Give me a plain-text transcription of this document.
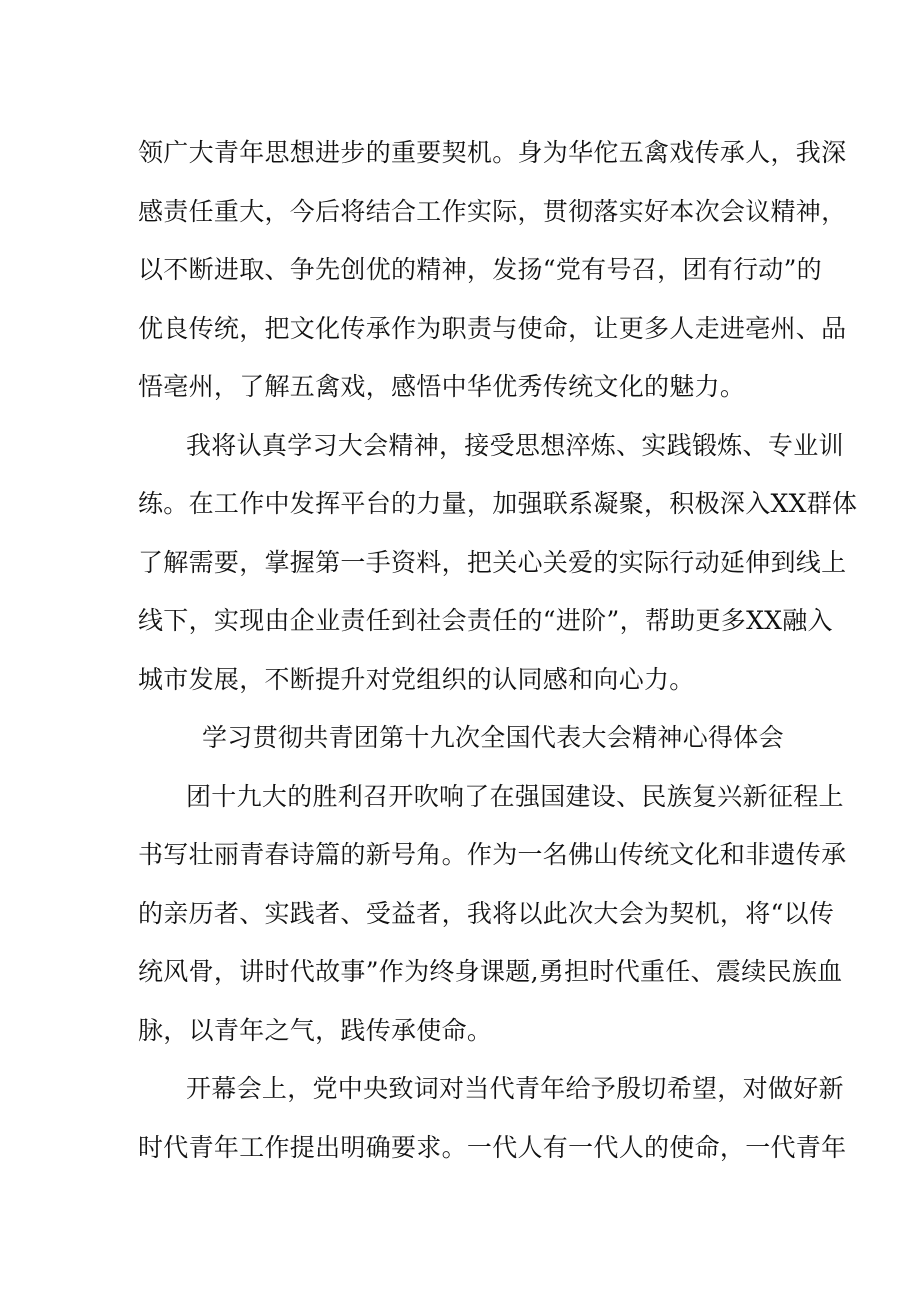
领广大青年思想进步的重要契机。身为华佗五禽戏传承人，我深
感责任重大，今后将结合工作实际，贯彻落实好本次会议精神，
以不断进取、争先创优的精神，发扬“党有号召，团有行动”的
优良传统，把文化传承作为职责与使命，让更多人走进亳州、品
悟亳州，了解五禽戏，感悟中华优秀传统文化的魅力。
我将认真学习大会精神，接受思想淬炼、实践锻炼、专业训
练。在工作中发挥平台的力量，加强联系凝聚，积极深入XX群体
了解需要，掌握第一手资料，把关心关爱的实际行动延伸到线上
线下，实现由企业责任到社会责任的“进阶”，帮助更多XX融入
城市发展，不断提升对党组织的认同感和向心力。
学习贯彻共青团第十九次全国代表大会精神心得体会
团十九大的胜利召开吹响了在强国建设、民族复兴新征程上
书写壮丽青春诗篇的新号角。作为一名佛山传统文化和非遗传承
的亲历者、实践者、受益者，我将以此次大会为契机，将“以传
统风骨，讲时代故事”作为终身课题,勇担时代重任、震续民族血
脉，以青年之气，践传承使命。
开幕会上，党中央致词对当代青年给予殷切希望，对做好新
时代青年工作提出明确要求。一代人有一代人的使命，一代青年
